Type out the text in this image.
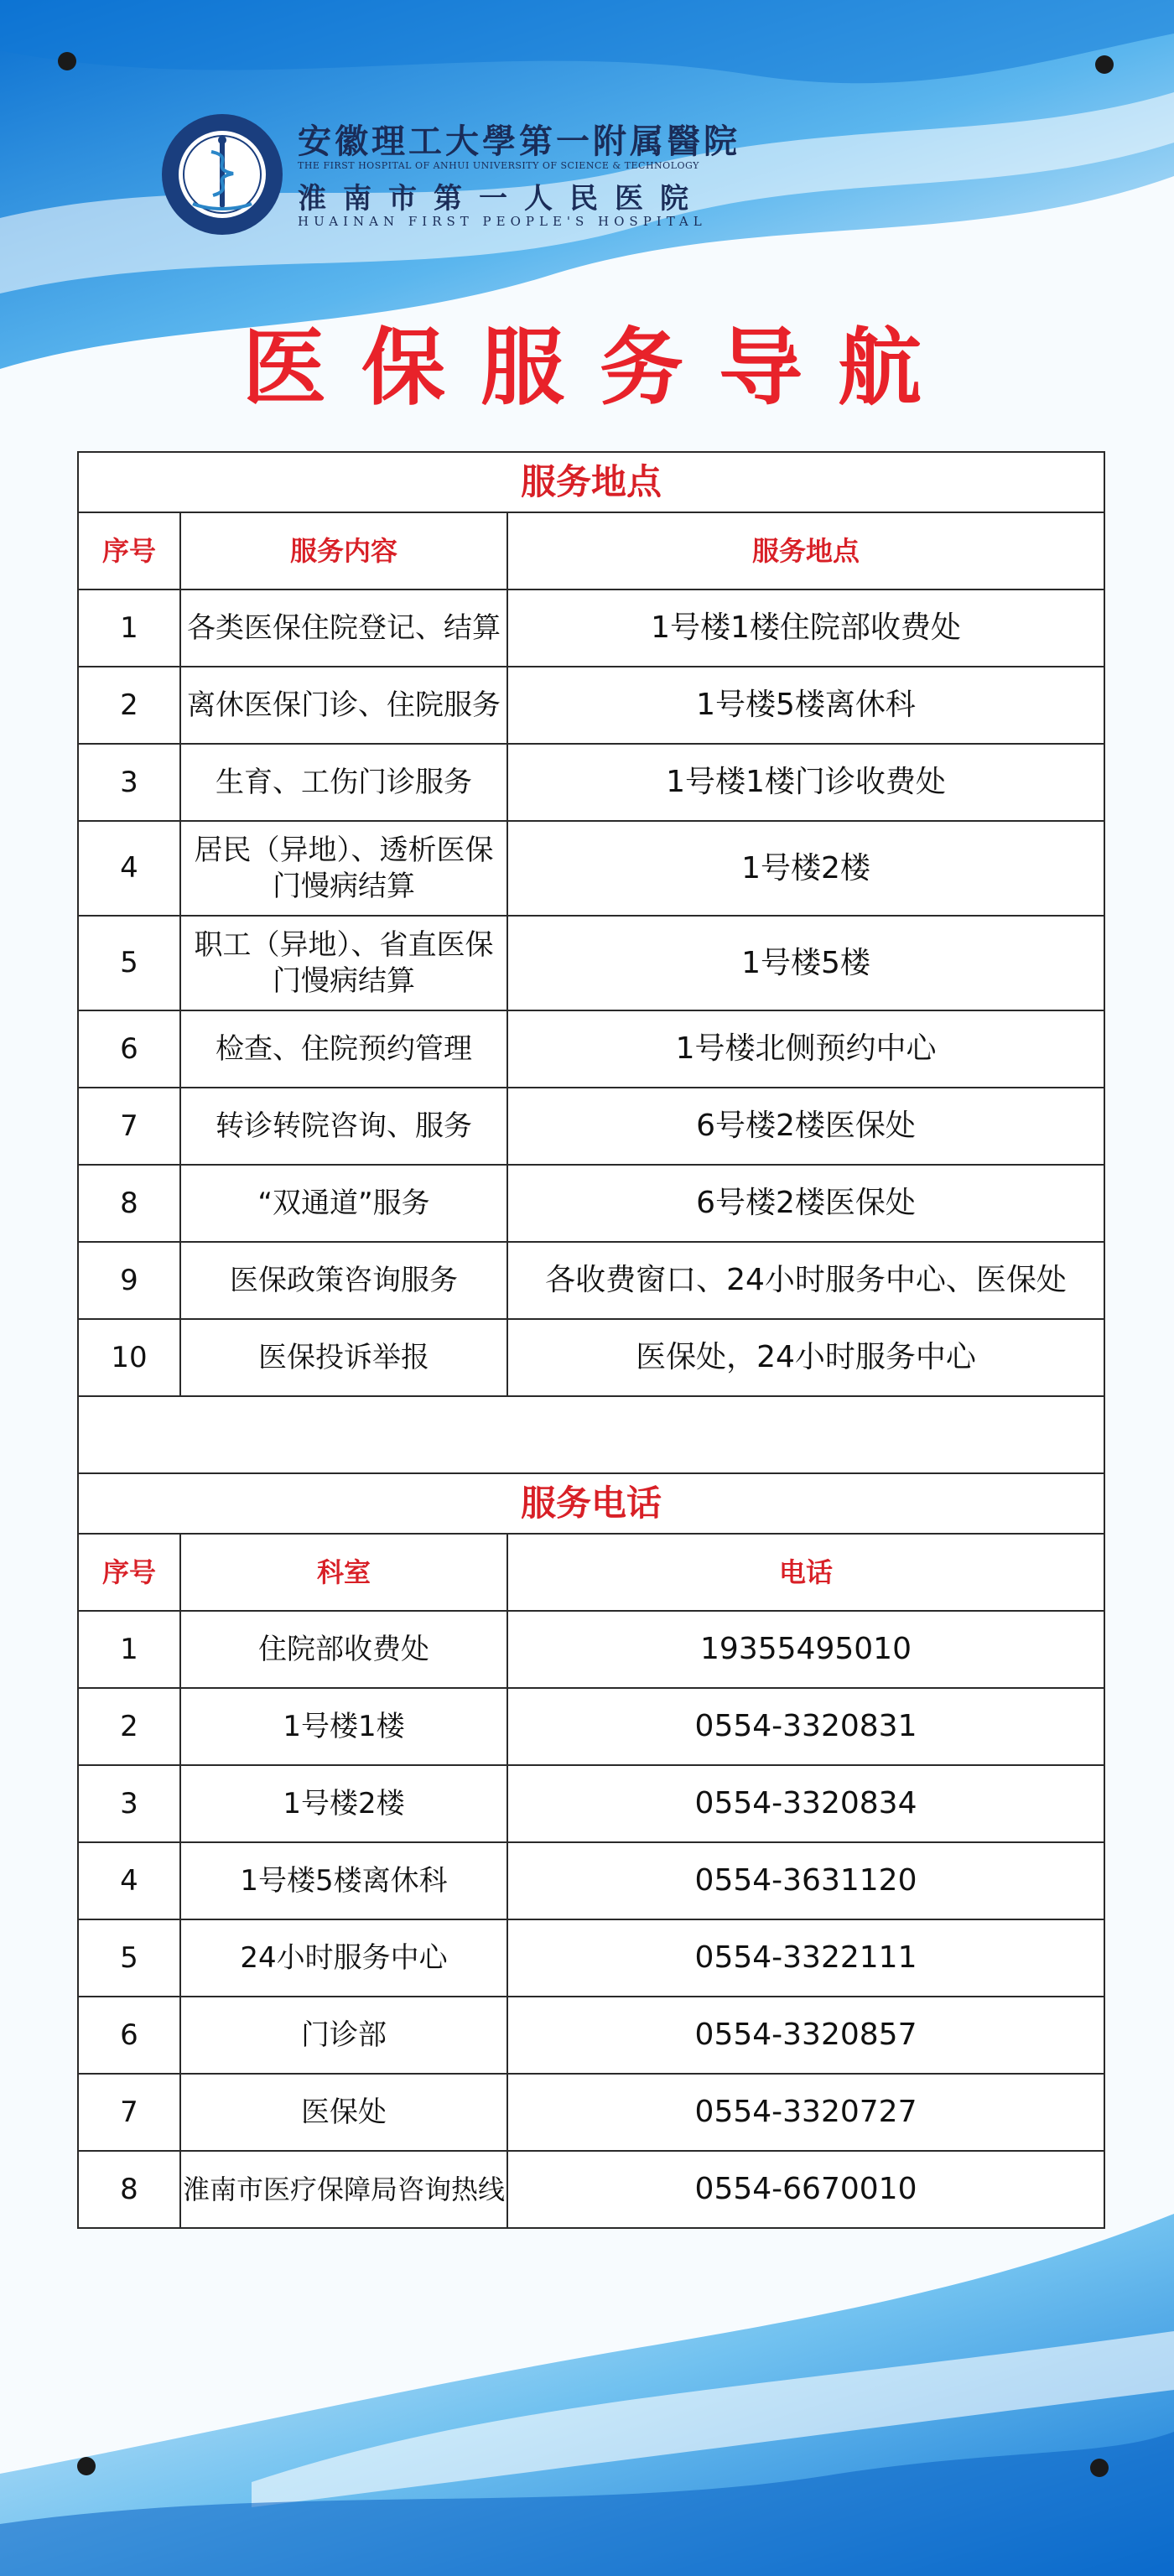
安徽理工大學第一附属醫院
THE FIRST HOSPITAL OF ANHUI UNIVERSITY OF SCIENCE & TECHNOLOGY
淮南市第一人民医院
HUAINAN FIRST PEOPLE'S HOSPITAL
医保服务导航
服务地点		
序号	服务内容	服务地点
1	各类医保住院登记、结算	1号楼1楼住院部收费处
2	离休医保门诊、住院服务	1号楼5楼离休科
3	生育、工伤门诊服务	1号楼1楼门诊收费处
4	居民（异地）、透析医保门慢病结算	1号楼2楼
5	职工（异地）、省直医保门慢病结算	1号楼5楼
6	检查、住院预约管理	1号楼北侧预约中心
7	转诊转院咨询、服务	6号楼2楼医保处
8	“双通道”服务	6号楼2楼医保处
9	医保政策咨询服务	各收费窗口、24小时服务中心、医保处
10	医保投诉举报	医保处，24小时服务中心

服务电话		
序号	科室	电话
1	住院部收费处	19355495010
2	1号楼1楼	0554-3320831
3	1号楼2楼	0554-3320834
4	1号楼5楼离休科	0554-3631120
5	24小时服务中心	0554-3322111
6	门诊部	0554-3320857
7	医保处	0554-3320727
8	淮南市医疗保障局咨询热线	0554-6670010
